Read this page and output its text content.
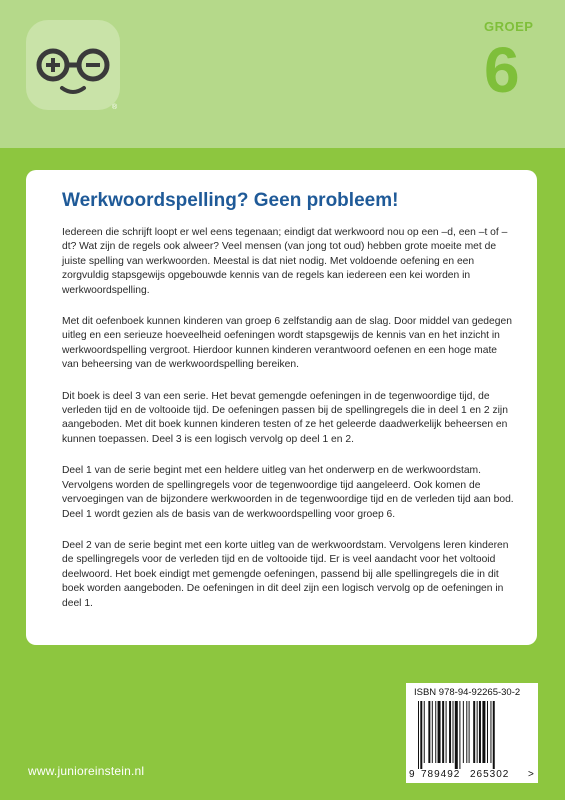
®
GROEP
6
Werkwoordspelling? Geen probleem!

Iedereen die schrijft loopt er wel eens tegenaan; eindigt dat werkwoord nou op een –d, een –t of –dt? Wat zijn de regels ook alweer? Veel mensen (van jong tot oud) hebben grote moeite met de juiste spelling van werkwoorden. Meestal is dat niet nodig. Met voldoende oefening en een zorgvuldig stapsgewijs opgebouwde kennis van de regels kan iedereen een kei worden in werkwoordspelling.

Met dit oefenboek kunnen kinderen van groep 6 zelfstandig aan de slag. Door middel van gedegen uitleg en een serieuze hoeveelheid oefeningen wordt stapsgewijs de kennis van en het inzicht in werkwoordspelling vergroot. Hierdoor kunnen kinderen verantwoord oefenen en een hoge mate van beheersing van de werkwoordspelling bereiken.

Dit boek is deel 3 van een serie. Het bevat gemengde oefeningen in de tegenwoordige tijd, de verleden tijd en de voltooide tijd. De oefeningen passen bij de spellingregels die in deel 1 en 2 zijn aangeboden. Met dit boek kunnen kinderen testen of ze het geleerde daadwerkelijk beheersen en kunnen toepassen. Deel 3 is een logisch vervolg op deel 1 en 2.

Deel 1 van de serie begint met een heldere uitleg van het onderwerp en de werkwoordstam. Vervolgens worden de spellingregels voor de tegenwoordige tijd aangeleerd. Ook komen de vervoegingen van de bijzondere werkwoorden in de tegenwoordige tijd en de verleden tijd aan bod. Deel 1 wordt gezien als de basis van de werkwoordspelling voor groep 6.

Deel 2 van de serie begint met een korte uitleg van de werkwoordstam. Vervolgens leren kinderen de spellingregels voor de verleden tijd en de voltooide tijd. Er is veel aandacht voor het voltooid deelwoord. Het boek eindigt met gemengde oefeningen, passend bij alle spellingregels die in dit boek worden aangeboden. De oefeningen in dit deel zijn een logisch vervolg op de oefeningen in deel 1.

ISBN 978-94-92265-30-2
9 789492 265302 >
www.junioreinstein.nl
